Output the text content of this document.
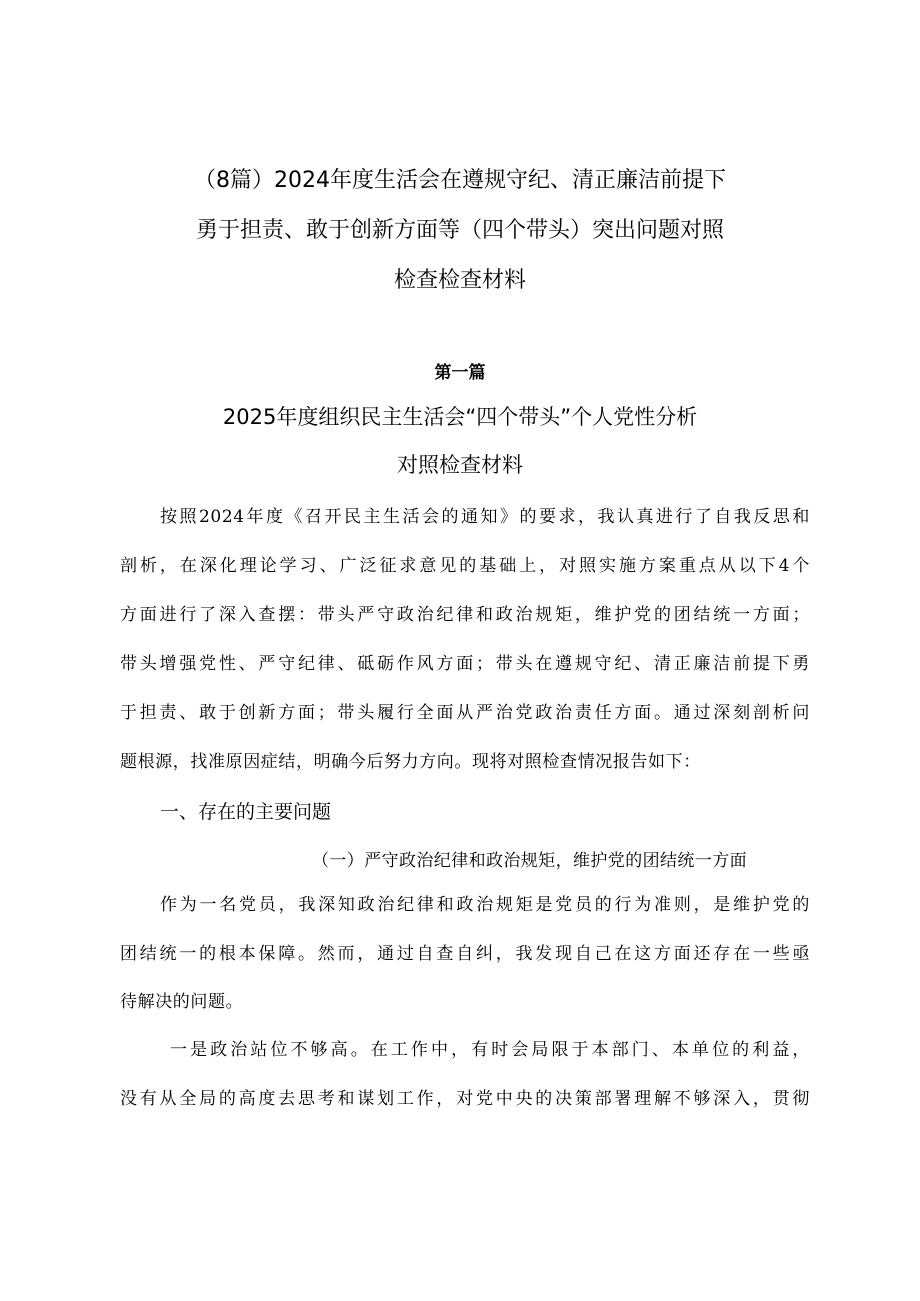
（8篇）2024年度生活会在遵规守纪、清正廉洁前提下
勇于担责、敢于创新方面等（四个带头）突出问题对照
检查检查材料
第一篇
2025年度组织民主生活会“四个带头”个人党性分析
对照检查材料
按照2024年度《召开民主生活会的通知》的要求，我认真进行了自我反思和
剖析，在深化理论学习、广泛征求意见的基础上，对照实施方案重点从以下4个
方面进行了深入查摆：带头严守政治纪律和政治规矩，维护党的团结统一方面；
带头增强党性、严守纪律、砥砺作风方面；带头在遵规守纪、清正廉洁前提下勇
于担责、敢于创新方面；带头履行全面从严治党政治责任方面。通过深刻剖析问
题根源，找准原因症结，明确今后努力方向。现将对照检查情况报告如下：
一、存在的主要问题
（一）严守政治纪律和政治规矩，维护党的团结统一方面
作为一名党员，我深知政治纪律和政治规矩是党员的行为准则，是维护党的
团结统一的根本保障。然而，通过自查自纠，我发现自己在这方面还存在一些亟
待解决的问题。
一是政治站位不够高。在工作中，有时会局限于本部门、本单位的利益，
没有从全局的高度去思考和谋划工作，对党中央的决策部署理解不够深入，贯彻
